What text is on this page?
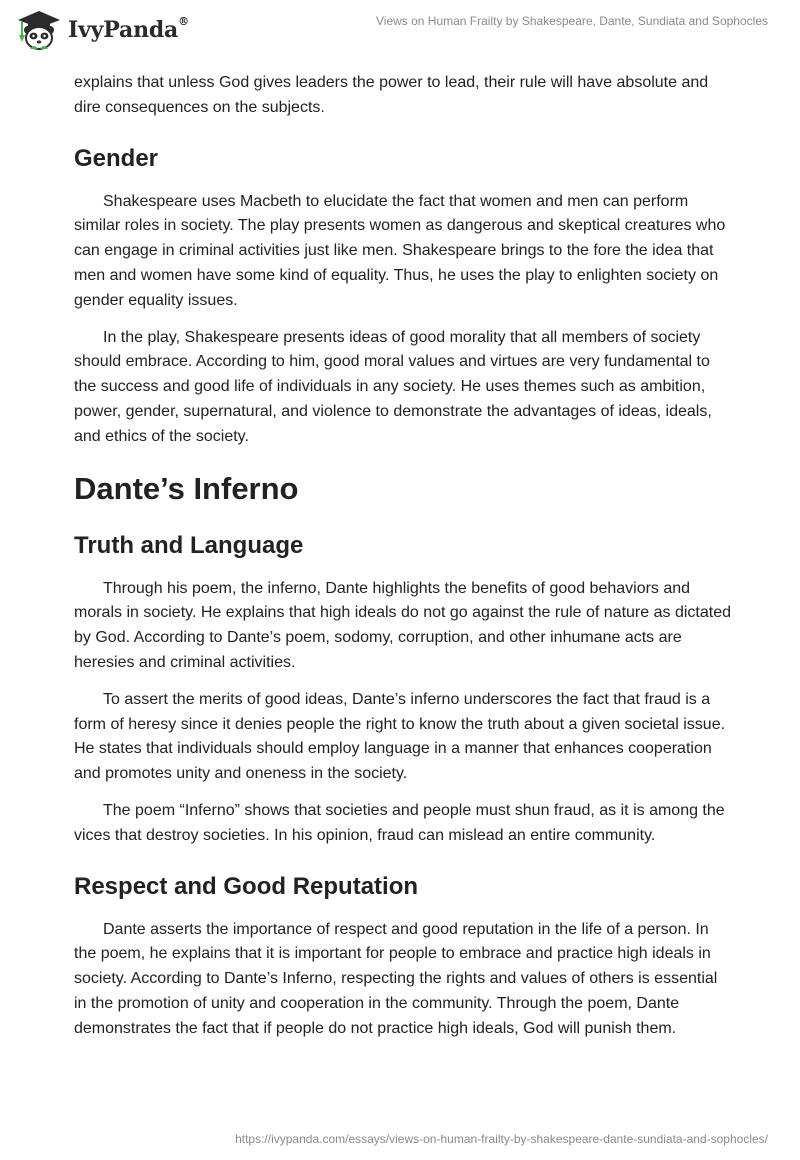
IvyPanda®	Views on Human Frailty by Shakespeare, Dante, Sundiata and Sophocles

explains that unless God gives leaders the power to lead, their rule will have absolute and dire consequences on the subjects.

Gender

Shakespeare uses Macbeth to elucidate the fact that women and men can perform similar roles in society. The play presents women as dangerous and skeptical creatures who can engage in criminal activities just like men. Shakespeare brings to the fore the idea that men and women have some kind of equality. Thus, he uses the play to enlighten society on gender equality issues.

In the play, Shakespeare presents ideas of good morality that all members of society should embrace. According to him, good moral values and virtues are very fundamental to the success and good life of individuals in any society. He uses themes such as ambition, power, gender, supernatural, and violence to demonstrate the advantages of ideas, ideals, and ethics of the society.

Dante’s Inferno
Truth and Language

Through his poem, the inferno, Dante highlights the benefits of good behaviors and morals in society. He explains that high ideals do not go against the rule of nature as dictated by God. According to Dante’s poem, sodomy, corruption, and other inhumane acts are heresies and criminal activities.

To assert the merits of good ideas, Dante’s inferno underscores the fact that fraud is a form of heresy since it denies people the right to know the truth about a given societal issue. He states that individuals should employ language in a manner that enhances cooperation and promotes unity and oneness in the society.

The poem “Inferno” shows that societies and people must shun fraud, as it is among the vices that destroy societies. In his opinion, fraud can mislead an entire community.

Respect and Good Reputation

Dante asserts the importance of respect and good reputation in the life of a person. In the poem, he explains that it is important for people to embrace and practice high ideals in society. According to Dante’s Inferno, respecting the rights and values of others is essential in the promotion of unity and cooperation in the community. Through the poem, Dante demonstrates the fact that if people do not practice high ideals, God will punish them.

https://ivypanda.com/essays/views-on-human-frailty-by-shakespeare-dante-sundiata-and-sophocles/
